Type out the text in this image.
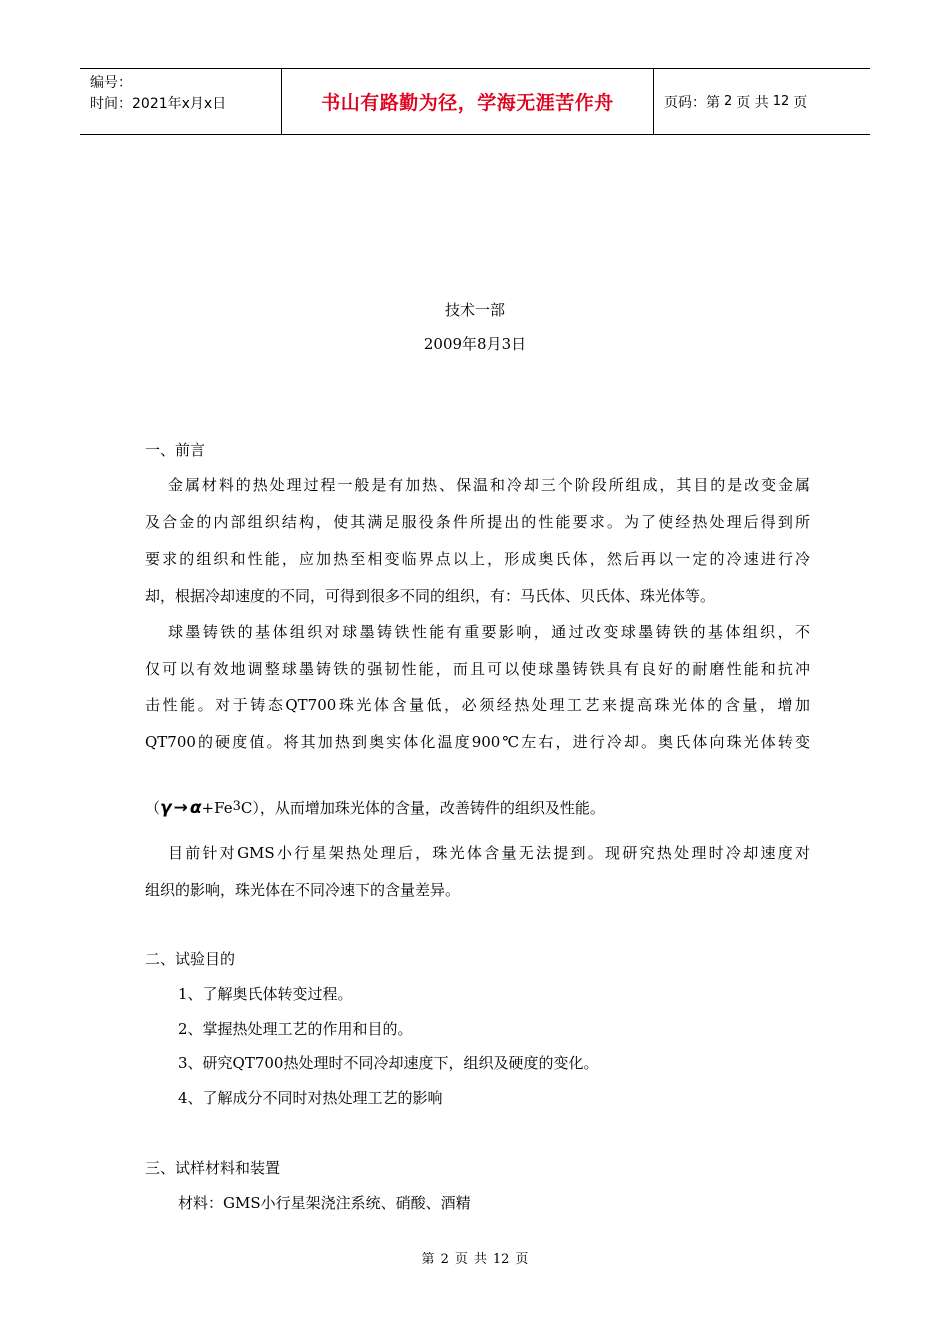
编号：
时间：2021年x月x日	书山有路勤为径，学海无涯苦作舟	页码：第 2 页 共 12 页
技术一部
2009年8月3日
一、前言
金属材料的热处理过程一般是有加热、保温和冷却三个阶段所组成，其目的是改变金属
及合金的内部组织结构，使其满足服役条件所提出的性能要求。为了使经热处理后得到所
要求的组织和性能，应加热至相变临界点以上，形成奥氏体，然后再以一定的冷速进行冷
却，根据冷却速度的不同，可得到很多不同的组织，有：马氏体、贝氏体、珠光体等。
球墨铸铁的基体组织对球墨铸铁性能有重要影响，通过改变球墨铸铁的基体组织，不
仅可以有效地调整球墨铸铁的强韧性能，而且可以使球墨铸铁具有良好的耐磨性能和抗冲
击性能。对于铸态QT700珠光体含量低，必须经热处理工艺来提高珠光体的含量，增加
QT700的硬度值。将其加热到奥实体化温度900℃左右，进行冷却。奥氏体向珠光体转变
（γ → α+Fe3C），从而增加珠光体的含量，改善铸件的组织及性能。
目前针对GMS小行星架热处理后，珠光体含量无法提到。现研究热处理时冷却速度对
组织的影响，珠光体在不同冷速下的含量差异。
二、试验目的
1、了解奥氏体转变过程。
2、掌握热处理工艺的作用和目的。
3、研究QT700热处理时不同冷却速度下，组织及硬度的变化。
4、了解成分不同时对热处理工艺的影响
三、试样材料和装置
材料：GMS小行星架浇注系统、硝酸、酒精
第 2 页 共 12 页
